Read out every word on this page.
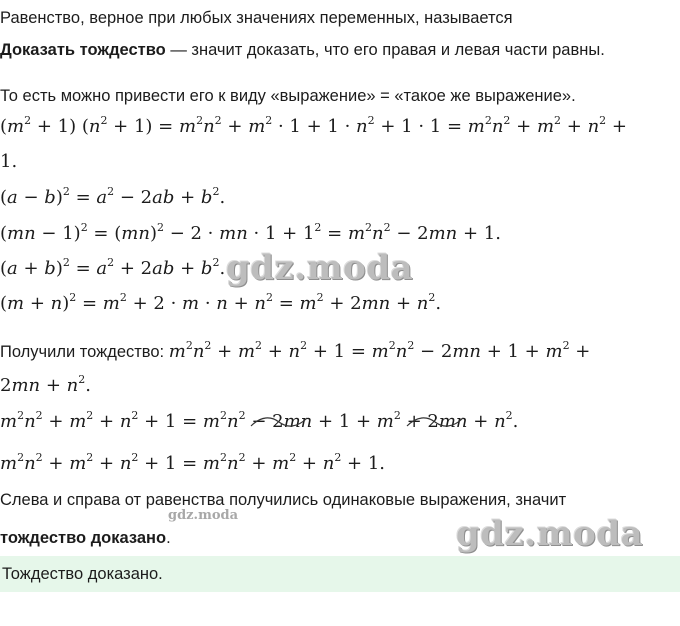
Равенство, верное при любых значениях переменных, называется
Доказать тождество — значит доказать, что его правая и левая части равны.
То есть можно привести его к виду «выражение» = «такое же выражение».
$(m^2 + 1) (n^2 + 1) = m^2n^2 + m^2 \cdot 1 + 1 \cdot n^2 + 1 \cdot 1 = m^2n^2 + m^2 + n^2$ +
1.
$(a - b)^2 = a^2 - 2ab + b^2$.
(mn − 1)$^2$ = (mn)$^2$ − 2 · mn · $1 + 1^2 = m^2n^2 - 2mn + 1$.
$(a + b)^2 = a^2 + 2ab + b^2$.
$(m + n)^2 = m^2 + 2 \cdot m \cdot n + n^2 = m^2 + 2mn + n^2$.
Получили тождество: $m^2n^2 + m^2 + n^2 + 1 = m^2n^2 - 2mn + 1 + m^2$ +
$2mn + n^2$.
$m^2n^2 + m^2 + n^2 + 1 = m^2n^2 - 2mn$
+ $1 + m^2 + 2mn$
+ $n^2$.
$m^2n^2 + m^2 + n^2 + 1 = m^2n^2 + m^2 + n^2 + 1$.
Слева и справа от равенства получились одинаковые выражения, значит
тождество доказано.
Тождество доказано.
gdz.moda
gdz.moda	gdz.moda
